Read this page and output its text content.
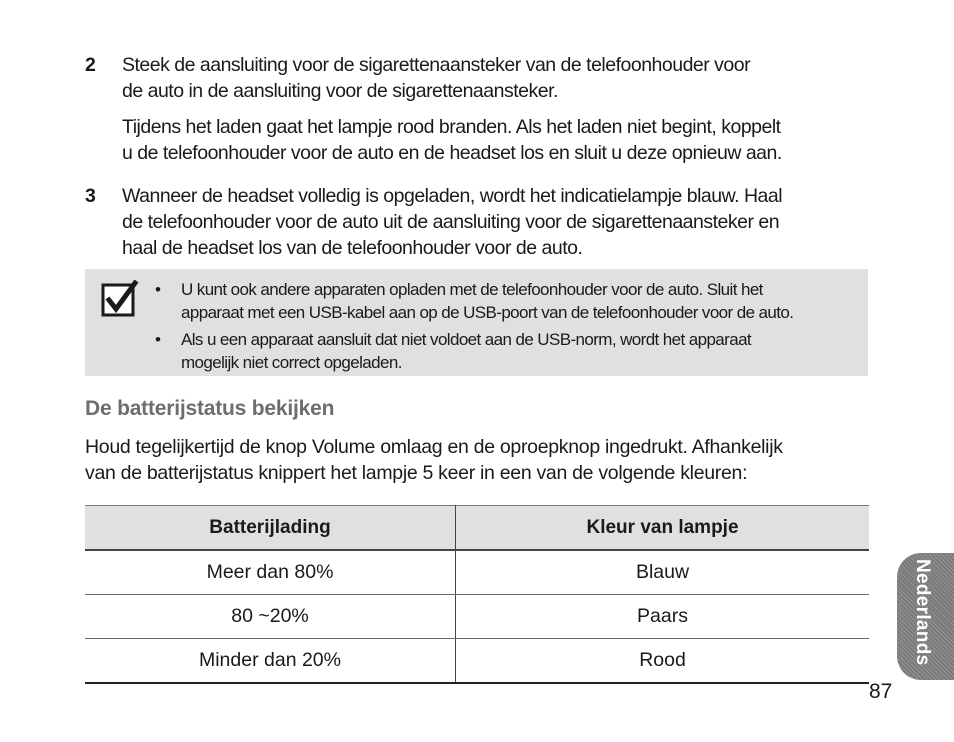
2 Steek de aansluiting voor de sigarettenaansteker van de telefoonhouder voor
de auto in de aansluiting voor de sigarettenaansteker.

Tijdens het laden gaat het lampje rood branden. Als het laden niet begint, koppelt
u de telefoonhouder voor de auto en de headset los en sluit u deze opnieuw aan.

3 Wanneer de headset volledig is opgeladen, wordt het indicatielampje blauw. Haal
de telefoonhouder voor de auto uit de aansluiting voor de sigarettenaansteker en
haal de headset los van de telefoonhouder voor de auto.

• U kunt ook andere apparaten opladen met de telefoonhouder voor de auto. Sluit het
apparaat met een USB-kabel aan op de USB-poort van de telefoonhouder voor de auto.
• Als u een apparaat aansluit dat niet voldoet aan de USB-norm, wordt het apparaat
mogelijk niet correct opgeladen.
De batterijstatus bekijken
Houd tegelijkertijd de knop Volume omlaag en de oproepknop ingedrukt. Afhankelijk
van de batterijstatus knippert het lampje 5 keer in een van de volgende kleuren:
Batterijlading	Kleur van lampje
Meer dan 80%	Blauw
80 ~20%	Paars
Minder dan 20%	Rood	Nederlands
87
